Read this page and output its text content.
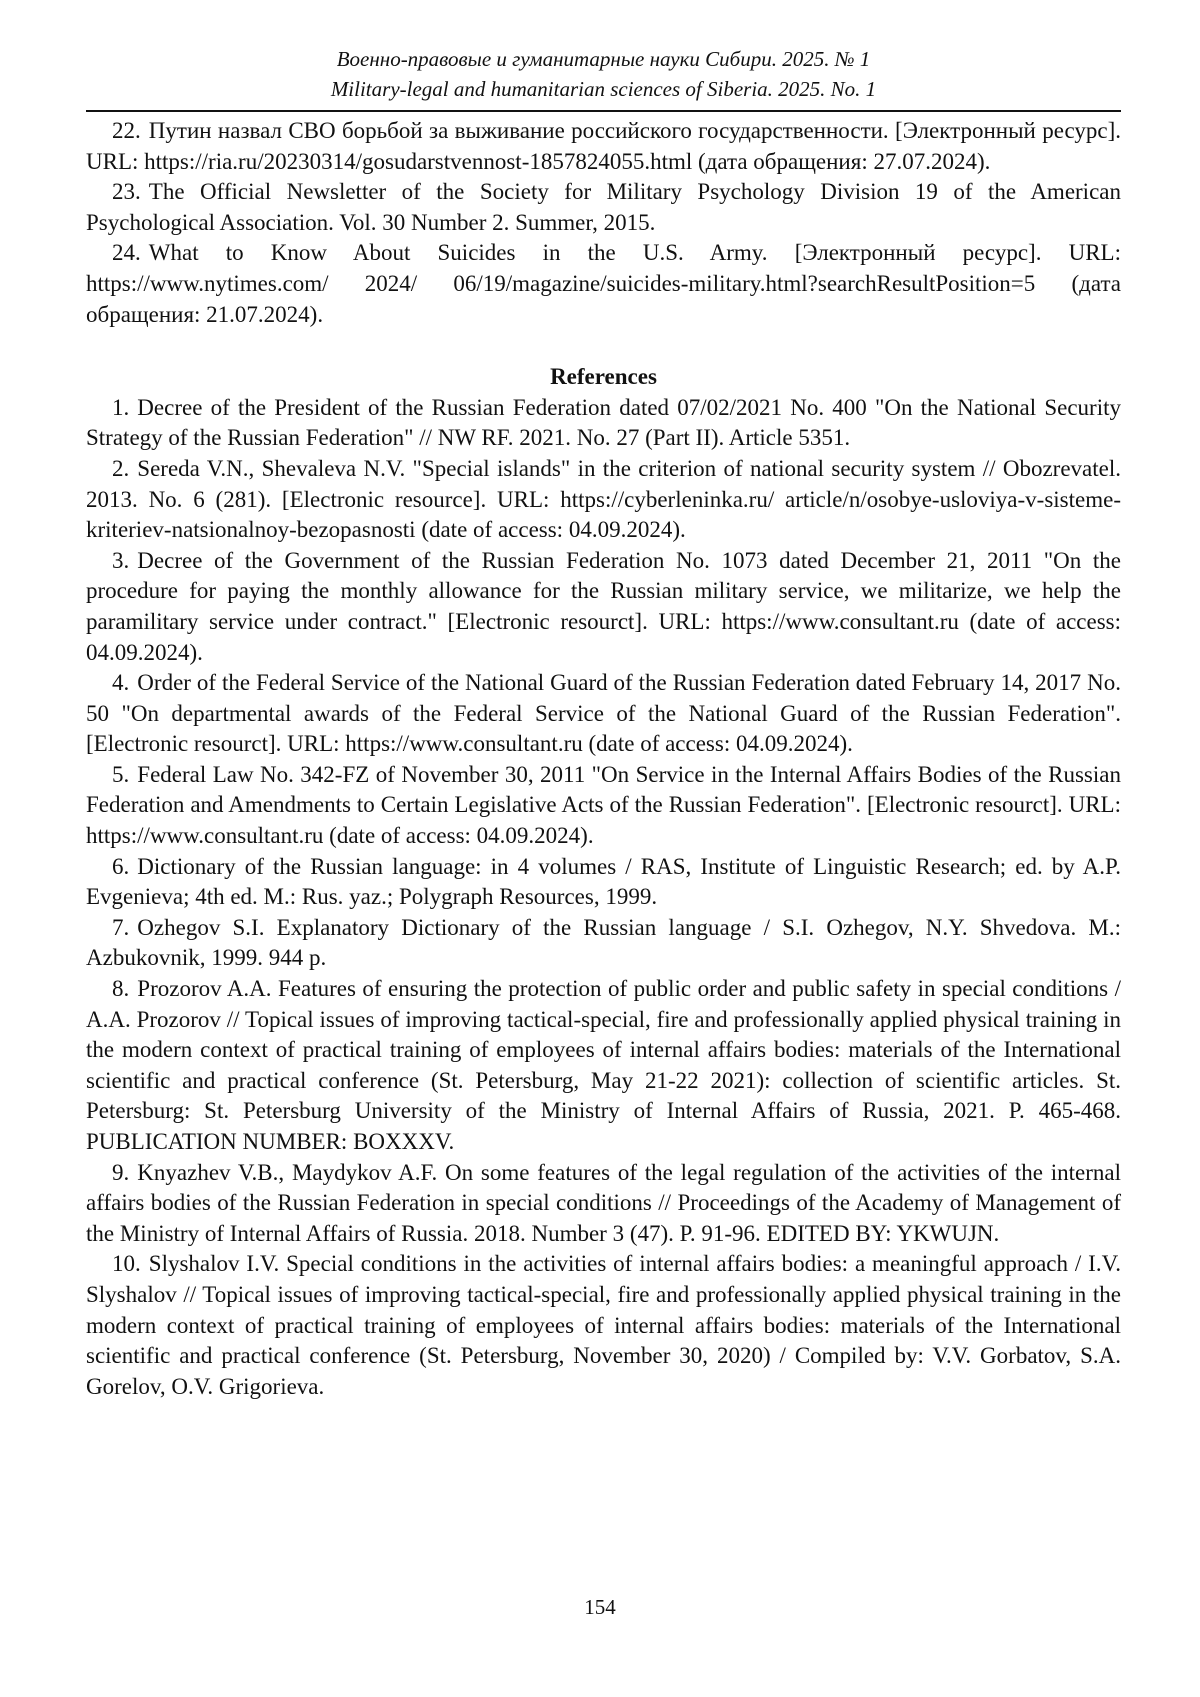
Военно-правовые и гуманитарные науки Сибири. 2025. № 1
Military-legal and humanitarian sciences of Siberia. 2025. No. 1

22. Путин назвал СВО борьбой за выживание российского государственности. [Электронный ресурс]. URL: https://ria.ru/20230314/gosudarstvennost-1857824055.html (дата обращения: 27.07.2024).

23. The Official Newsletter of the Society for Military Psychology Division 19 of the American Psychological Association. Vol. 30 Number 2. Summer, 2015.

24. What to Know About Suicides in the U.S. Army. [Электронный ресурс]. URL: https://www.nytimes.com/ 2024/ 06/19/magazine/suicides-military.html?searchResultPosition=5 (дата обращения: 21.07.2024).

References

1. Decree of the President of the Russian Federation dated 07/02/2021 No. 400 "On the National Security Strategy of the Russian Federation" // NW RF. 2021. No. 27 (Part II). Article 5351.

2. Sereda V.N., Shevaleva N.V. "Special islands" in the criterion of national security system // Obozrevatel. 2013. No. 6 (281). [Electronic resource]. URL: https://cyberleninka.ru/ article/n/osobye-usloviya-v-sisteme-kriteriev-natsionalnoy-bezopasnosti (date of access: 04.09.2024).

3. Decree of the Government of the Russian Federation No. 1073 dated December 21, 2011 "On the procedure for paying the monthly allowance for the Russian military service, we militarize, we help the paramilitary service under contract." [Electronic resourct]. URL: https://www.consultant.ru (date of access: 04.09.2024).

4. Order of the Federal Service of the National Guard of the Russian Federation dated February 14, 2017 No. 50 "On departmental awards of the Federal Service of the National Guard of the Russian Federation". [Electronic resourct]. URL: https://www.consultant.ru (date of access: 04.09.2024).

5. Federal Law No. 342-FZ of November 30, 2011 "On Service in the Internal Affairs Bodies of the Russian Federation and Amendments to Certain Legislative Acts of the Russian Federation". [Electronic resourct]. URL: https://www.consultant.ru (date of access: 04.09.2024).

6. Dictionary of the Russian language: in 4 volumes / RAS, Institute of Linguistic Research; ed. by A.P. Evgenieva; 4th ed. M.: Rus. yaz.; Polygraph Resources, 1999.

7. Ozhegov S.I. Explanatory Dictionary of the Russian language / S.I. Ozhegov, N.Y. Shvedova. M.: Azbukovnik, 1999. 944 p.

8. Prozorov A.A. Features of ensuring the protection of public order and public safety in special conditions / A.A. Prozorov // Topical issues of improving tactical-special, fire and professionally applied physical training in the modern context of practical training of employees of internal affairs bodies: materials of the International scientific and practical conference (St. Petersburg, May 21-22 2021): collection of scientific articles. St. Petersburg: St. Petersburg University of the Ministry of Internal Affairs of Russia, 2021. P. 465-468. PUBLICATION NUMBER: BOXXXV.

9. Knyazhev V.B., Maydykov A.F. On some features of the legal regulation of the activities of the internal affairs bodies of the Russian Federation in special conditions // Proceedings of the Academy of Management of the Ministry of Internal Affairs of Russia. 2018. Number 3 (47). P. 91-96. EDITED BY: YKWUJN.

10. Slyshalov I.V. Special conditions in the activities of internal affairs bodies: a meaningful approach / I.V. Slyshalov // Topical issues of improving tactical-special, fire and professionally applied physical training in the modern context of practical training of employees of internal affairs bodies: materials of the International scientific and practical conference (St. Petersburg, November 30, 2020) / Compiled by: V.V. Gorbatov, S.A. Gorelov, O.V. Grigorieva.

154
